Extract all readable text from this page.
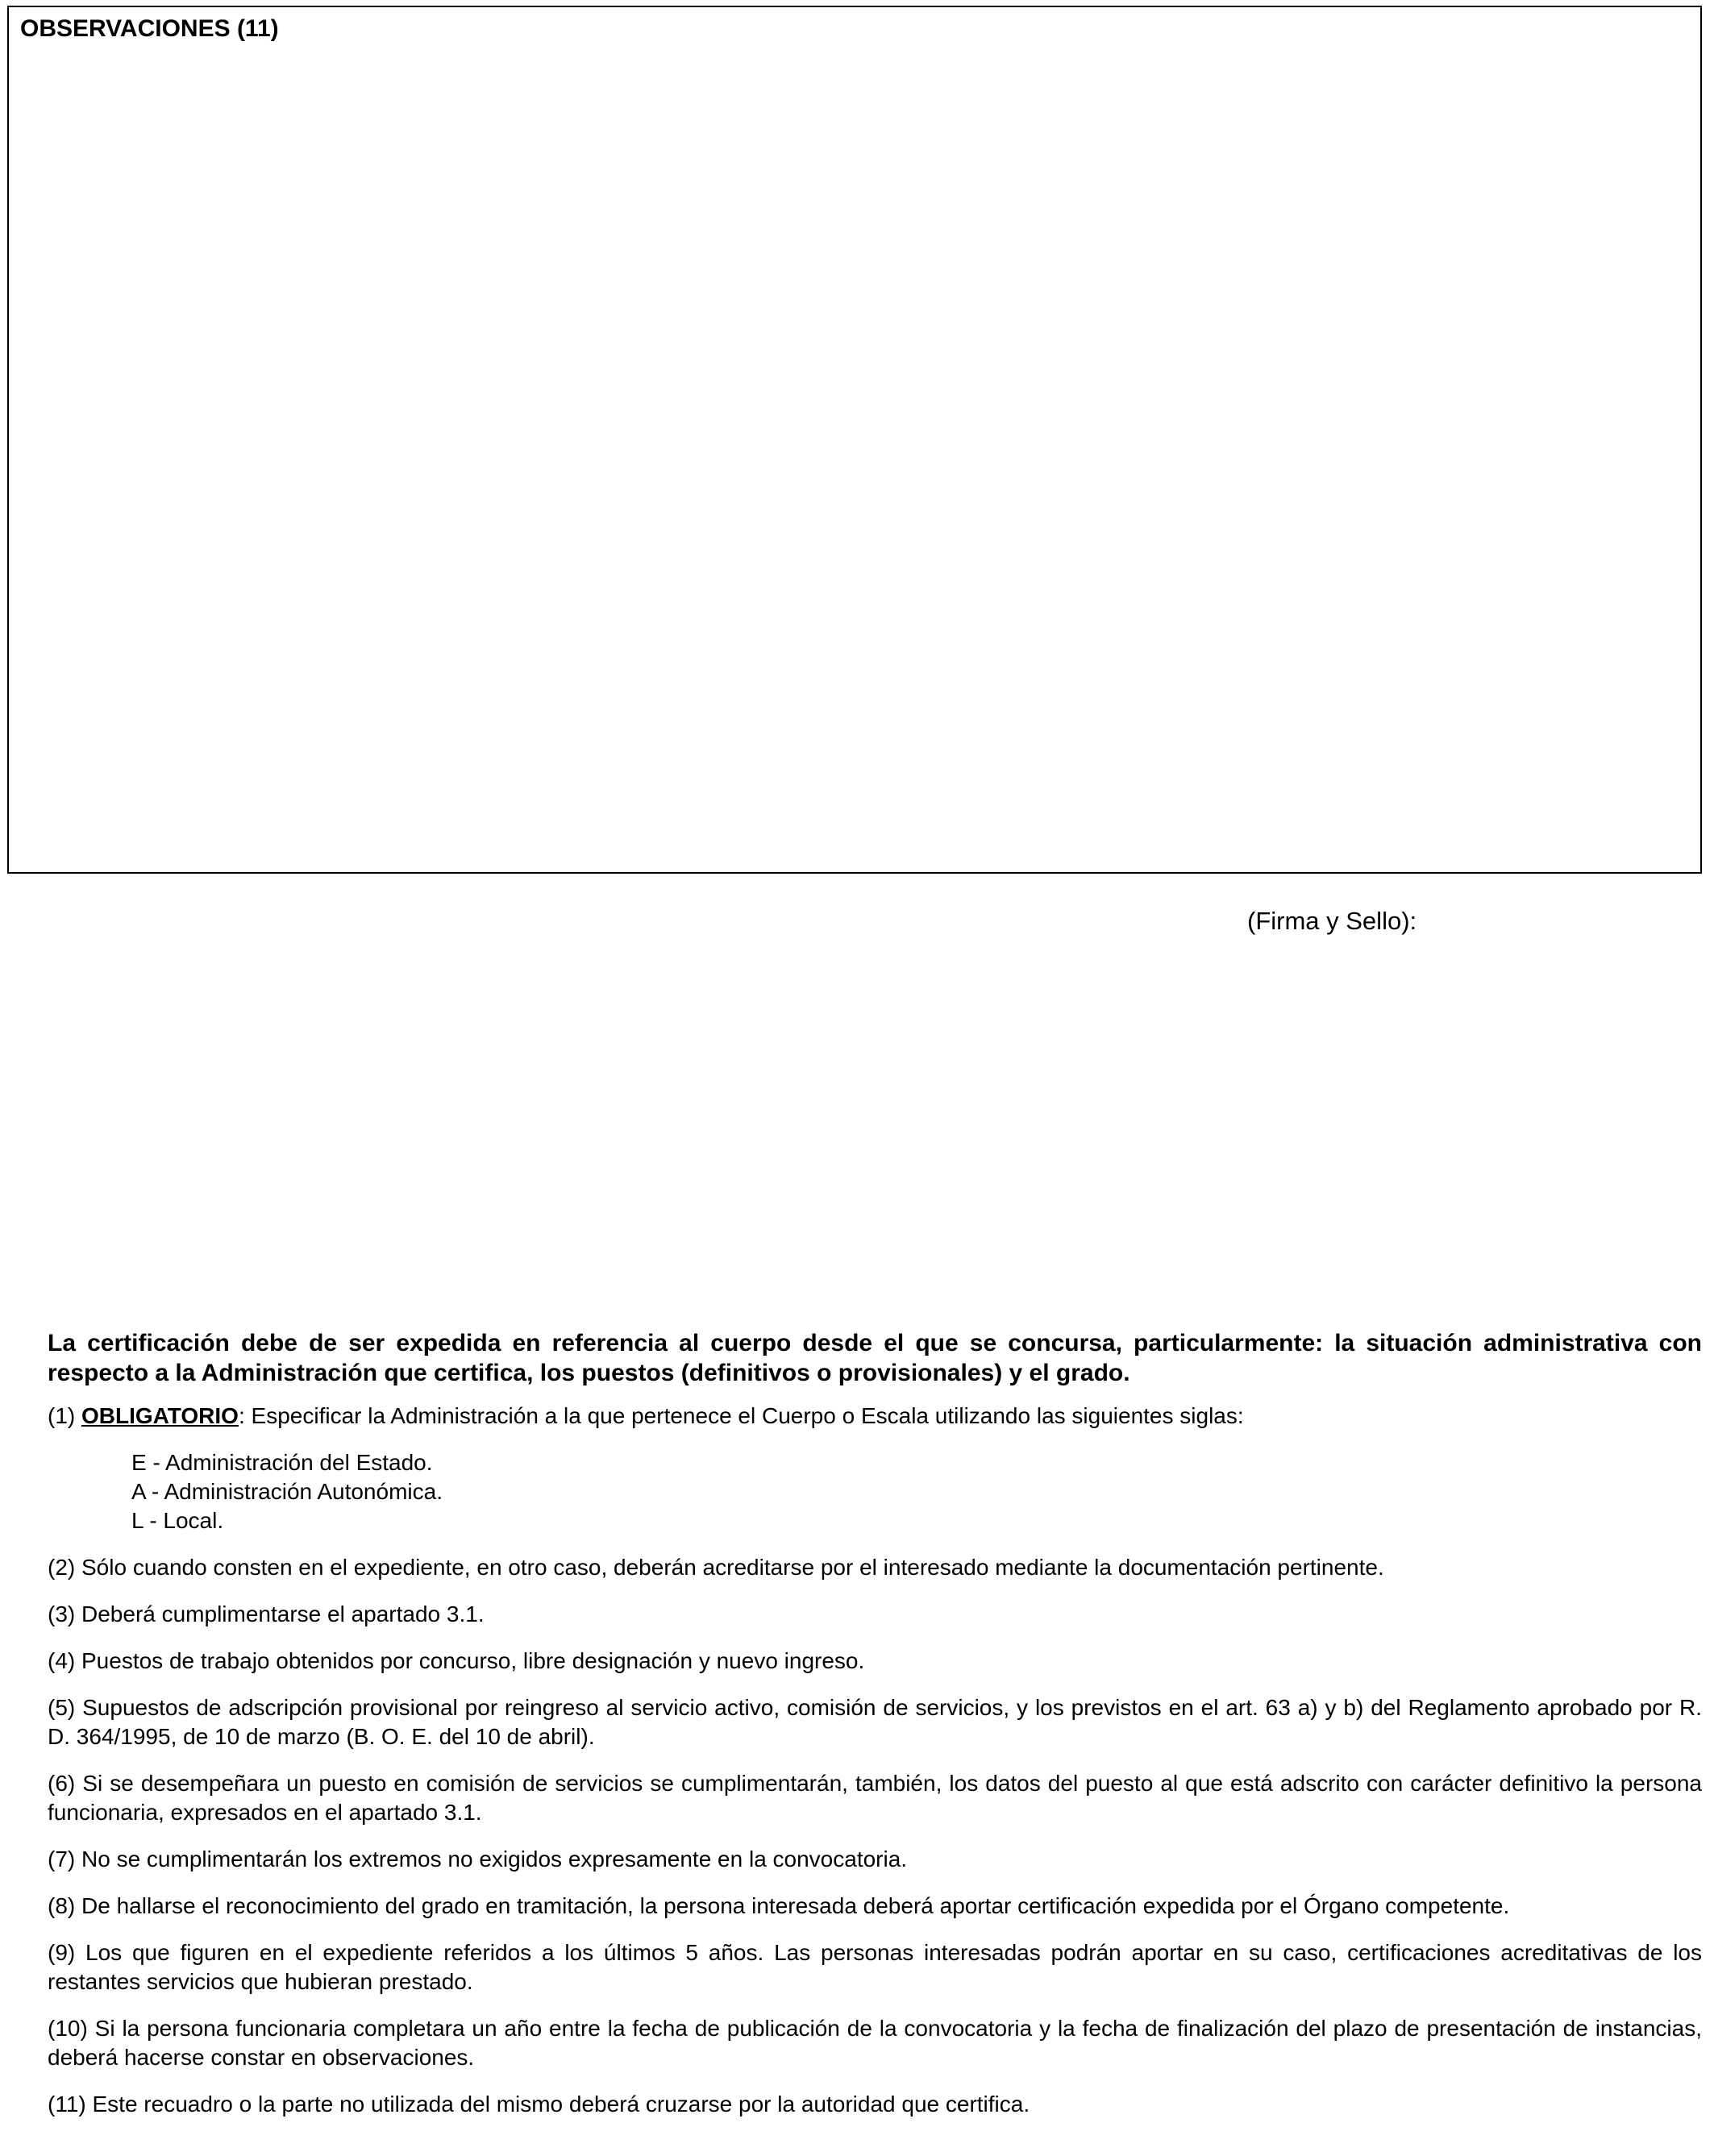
OBSERVACIONES (11)
(Firma y Sello):

La certificación debe de ser expedida en referencia al cuerpo desde el que se concursa, particularmente: la situación administrativa con respecto a la Administración que certifica, los puestos (definitivos o provisionales) y el grado.

(1) OBLIGATORIO: Especificar la Administración a la que pertenece el Cuerpo o Escala utilizando las siguientes siglas:

E - Administración del Estado.
A - Administración Autonómica.
L - Local.

(2) Sólo cuando consten en el expediente, en otro caso, deberán acreditarse por el interesado mediante la documentación pertinente.

(3) Deberá cumplimentarse el apartado 3.1.

(4) Puestos de trabajo obtenidos por concurso, libre designación y nuevo ingreso.

(5) Supuestos de adscripción provisional por reingreso al servicio activo, comisión de servicios, y los previstos en el art. 63 a) y b) del Reglamento aprobado por R. D. 364/1995, de 10 de marzo (B. O. E. del 10 de abril).

(6) Si se desempeñara un puesto en comisión de servicios se cumplimentarán, también, los datos del puesto al que está adscrito con carácter definitivo la persona funcionaria, expresados en el apartado 3.1.

(7) No se cumplimentarán los extremos no exigidos expresamente en la convocatoria.

(8) De hallarse el reconocimiento del grado en tramitación, la persona interesada deberá aportar certificación expedida por el Órgano competente.

(9) Los que figuren en el expediente referidos a los últimos 5 años. Las personas interesadas podrán aportar en su caso, certificaciones acreditativas de los restantes servicios que hubieran prestado.

(10) Si la persona funcionaria completara un año entre la fecha de publicación de la convocatoria y la fecha de finalización del plazo de presentación de instancias, deberá hacerse constar en observaciones.

(11) Este recuadro o la parte no utilizada del mismo deberá cruzarse por la autoridad que certifica.
